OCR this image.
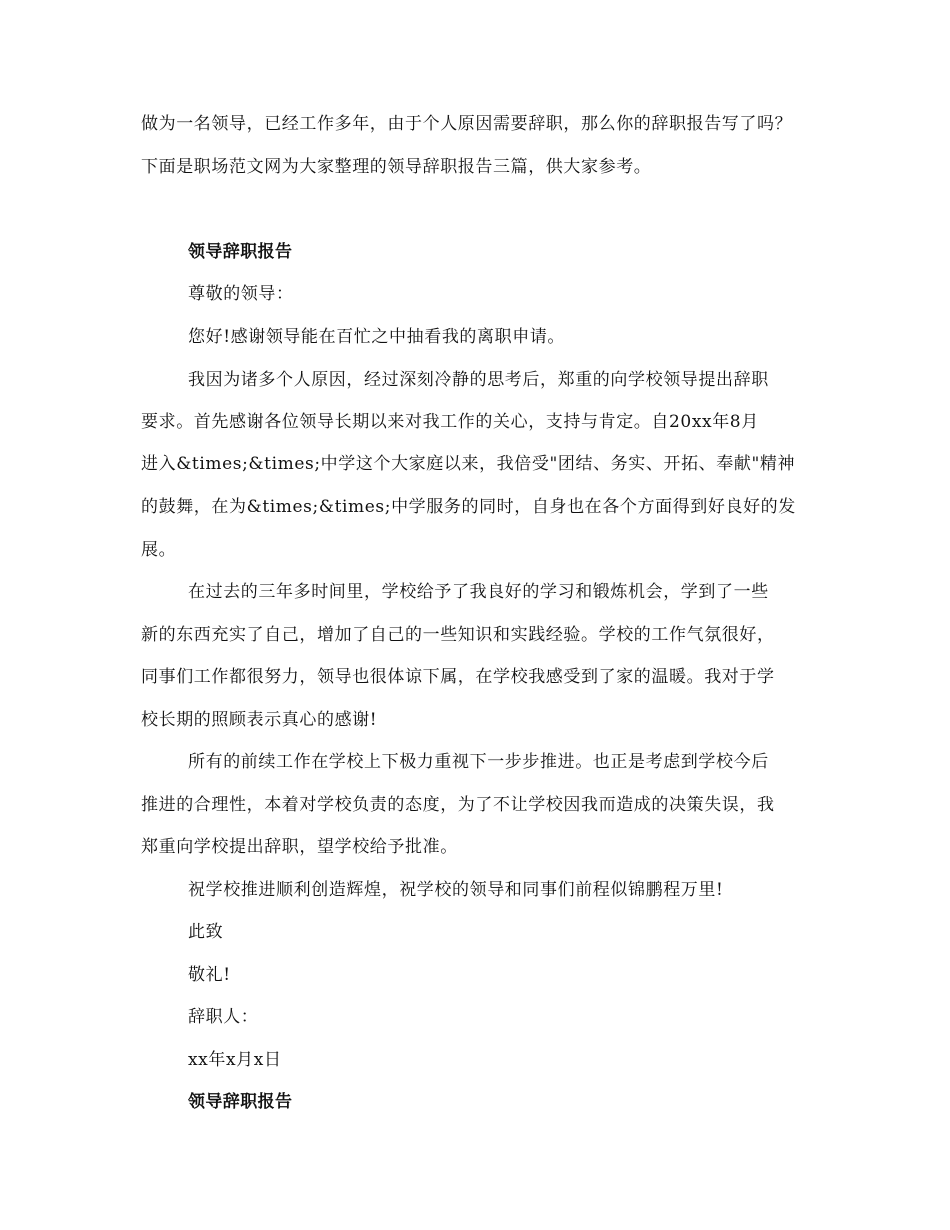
做为一名领导，已经工作多年，由于个人原因需要辞职，那么你的辞职报告写了吗？
下面是职场范文网为大家整理的领导辞职报告三篇，供大家参考。
领导辞职报告
尊敬的领导：
您好!感谢领导能在百忙之中抽看我的离职申请。
我因为诸多个人原因，经过深刻冷静的思考后，郑重的向学校领导提出辞职
要求。首先感谢各位领导长期以来对我工作的关心，支持与肯定。自20xx年8月
进入&times;&times;中学这个大家庭以来，我倍受"团结、务实、开拓、奉献"精神
的鼓舞，在为&times;&times;中学服务的同时，自身也在各个方面得到好良好的发
展。
在过去的三年多时间里，学校给予了我良好的学习和锻炼机会，学到了一些
新的东西充实了自己，增加了自己的一些知识和实践经验。学校的工作气氛很好，
同事们工作都很努力，领导也很体谅下属，在学校我感受到了家的温暖。我对于学
校长期的照顾表示真心的感谢!
所有的前续工作在学校上下极力重视下一步步推进。也正是考虑到学校今后
推进的合理性，本着对学校负责的态度，为了不让学校因我而造成的决策失误，我
郑重向学校提出辞职，望学校给予批准。
祝学校推进顺利创造辉煌，祝学校的领导和同事们前程似锦鹏程万里!
此致
敬礼!
辞职人：
xx年x月x日
领导辞职报告
